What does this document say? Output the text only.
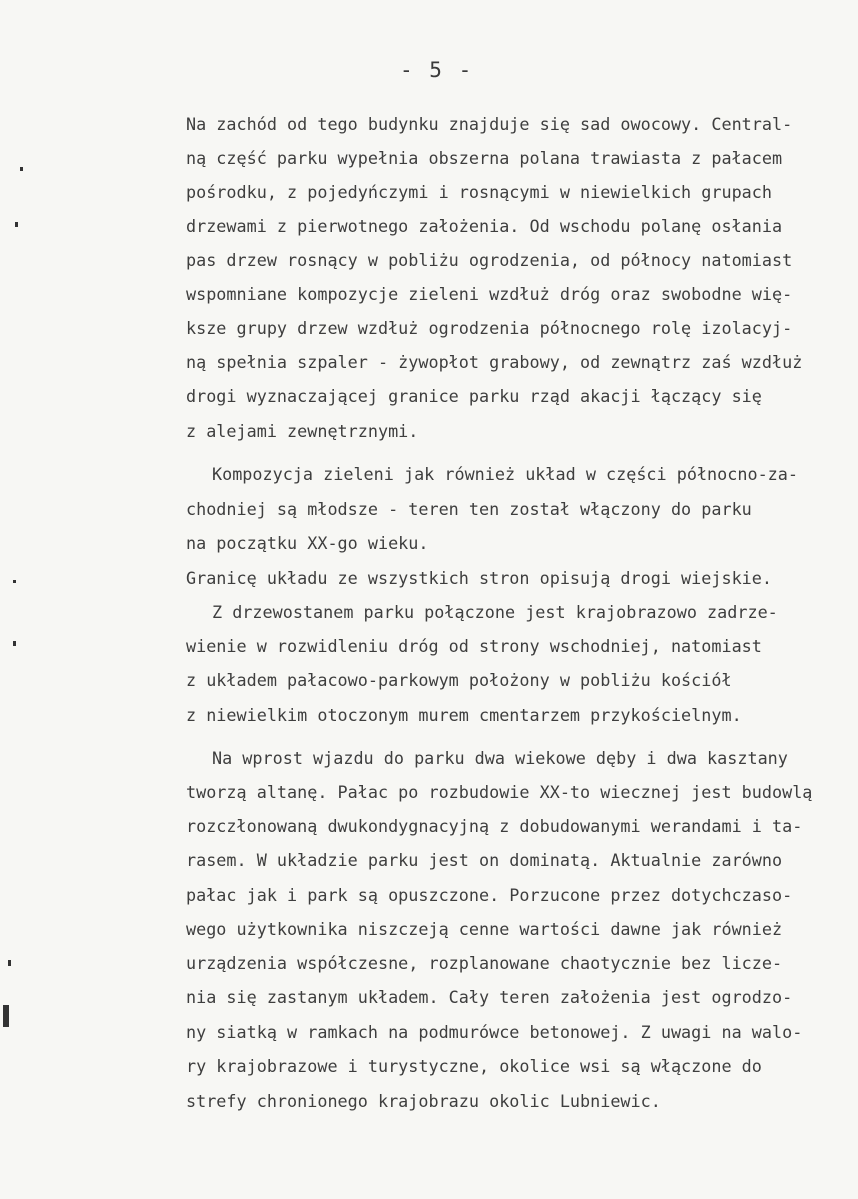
- 5 -
Na zachód od tego budynku znajduje się sad owocowy. Central-
ną część parku wypełnia obszerna polana trawiasta z pałacem
pośrodku, z pojedyńczymi i rosnącymi w niewielkich grupach
drzewami z pierwotnego założenia. Od wschodu polanę osłania
pas drzew rosnący w pobliżu ogrodzenia, od północy natomiast
wspomniane kompozycje zieleni wzdłuż dróg oraz swobodne wię-
ksze grupy drzew wzdłuż ogrodzenia północnego rolę izolacyj-
ną spełnia szpaler - żywopłot grabowy, od zewnątrz zaś wzdłuż
drogi wyznaczającej granice parku rząd akacji łączący się
z alejami zewnętrznymi.
Kompozycja zieleni jak również układ w części północno-za-
chodniej są młodsze - teren ten został włączony do parku
na początku XX-go wieku.
Granicę układu ze wszystkich stron opisują drogi wiejskie.
Z drzewostanem parku połączone jest krajobrazowo zadrze-
wienie w rozwidleniu dróg od strony wschodniej, natomiast
z układem pałacowo-parkowym położony w pobliżu kościół
z niewielkim otoczonym murem cmentarzem przykościelnym.
Na wprost wjazdu do parku dwa wiekowe dęby i dwa kasztany
tworzą altanę. Pałac po rozbudowie XX-to wiecznej jest budowlą
rozczłonowaną dwukondygnacyjną z dobudowanymi werandami i ta-
rasem. W układzie parku jest on dominatą. Aktualnie zarówno
pałac jak i park są opuszczone. Porzucone przez dotychczaso-
wego użytkownika niszczeją cenne wartości dawne jak również
urządzenia współczesne, rozplanowane chaotycznie bez licze-
nia się zastanym układem. Cały teren założenia jest ogrodzo-
ny siatką w ramkach na podmurówce betonowej. Z uwagi na walo-
ry krajobrazowe i turystyczne, okolice wsi są włączone do
strefy chronionego krajobrazu okolic Lubniewic.
